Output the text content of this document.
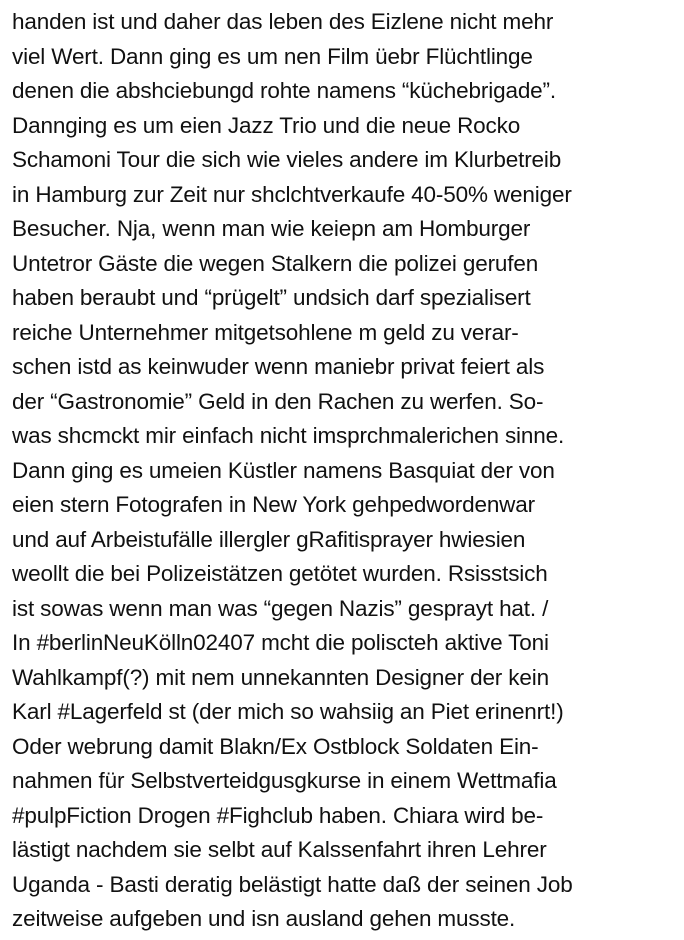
handen ist und daher das leben des Eizlene nicht mehr
viel Wert. Dann ging es um nen Film üebr Flüchtlinge
denen die abshciebungd rohte namens “küchebrigade”.
Dannging es um eien Jazz Trio und die neue Rocko
Schamoni Tour die sich wie vieles andere im Klurbetreib
in Hamburg zur Zeit nur shclchtverkaufe 40-50% weniger
Besucher. Nja, wenn man wie keiepn am Homburger
Untetror Gäste die wegen Stalkern die polizei gerufen
haben beraubt und “prügelt” undsich darf spezialisert
reiche Unternehmer mitgetsohlene m geld zu verar-
schen istd as keinwuder wenn maniebr privat feiert als
der “Gastronomie” Geld in den Rachen zu werfen. So-
was shcmckt mir einfach nicht imsprchmalerichen sinne.
Dann ging es umeien Küstler namens Basquiat der von
eien stern Fotografen in New York gehpedwordenwar
und auf Arbeistufälle illergler gRafitisprayer hwiesien
weollt die bei Polizeistätzen getötet wurden. Rsisstsich
ist sowas wenn man was “gegen Nazis” gesprayt hat. /
In #berlinNeuKölln02407 mcht die poliscteh aktive Toni
Wahlkampf(?) mit nem unnekannten Designer der kein
Karl #Lagerfeld st (der mich so wahsiig an Piet erinenrt!)
Oder webrung damit Blakn/Ex Ostblock Soldaten Ein-
nahmen für Selbstverteidgusgkurse in einem Wettmafia
#pulpFiction Drogen #Fighclub haben. Chiara wird be-
lästigt nachdem sie selbt auf Kalssenfahrt ihren Lehrer
Uganda - Basti deratig belästigt hatte daß der seinen Job
zeitweise aufgeben und isn ausland gehen musste.
